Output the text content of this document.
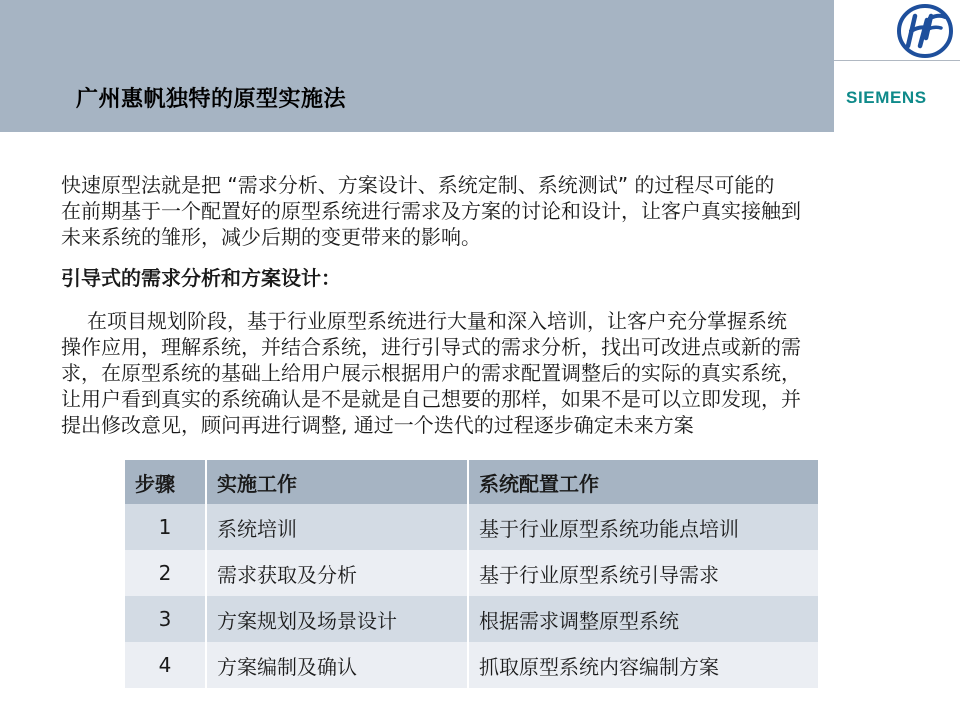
广州惠帆独特的原型实施法	SIEMENS
快速原型法就是把 “需求分析、方案设计、系统定制、系统测试” 的过程尽可能的
在前期基于一个配置好的原型系统进行需求及方案的讨论和设计，让客户真实接触到
未来系统的雏形，减少后期的变更带来的影响。
引导式的需求分析和方案设计：
在项目规划阶段，基于行业原型系统进行大量和深入培训，让客户充分掌握系统
操作应用，理解系统，并结合系统，进行引导式的需求分析，找出可改进点或新的需
求，在原型系统的基础上给用户展示根据用户的需求配置调整后的实际的真实系统，
让用户看到真实的系统确认是不是就是自己想要的那样，如果不是可以立即发现，并
提出修改意见，顾问再进行调整, 通过一个迭代的过程逐步确定未来方案
步骤	实施工作	系统配置工作
1	系统培训	基于行业原型系统功能点培训
2	需求获取及分析	基于行业原型系统引导需求
3	方案规划及场景设计	根据需求调整原型系统
4	方案编制及确认	抓取原型系统内容编制方案
